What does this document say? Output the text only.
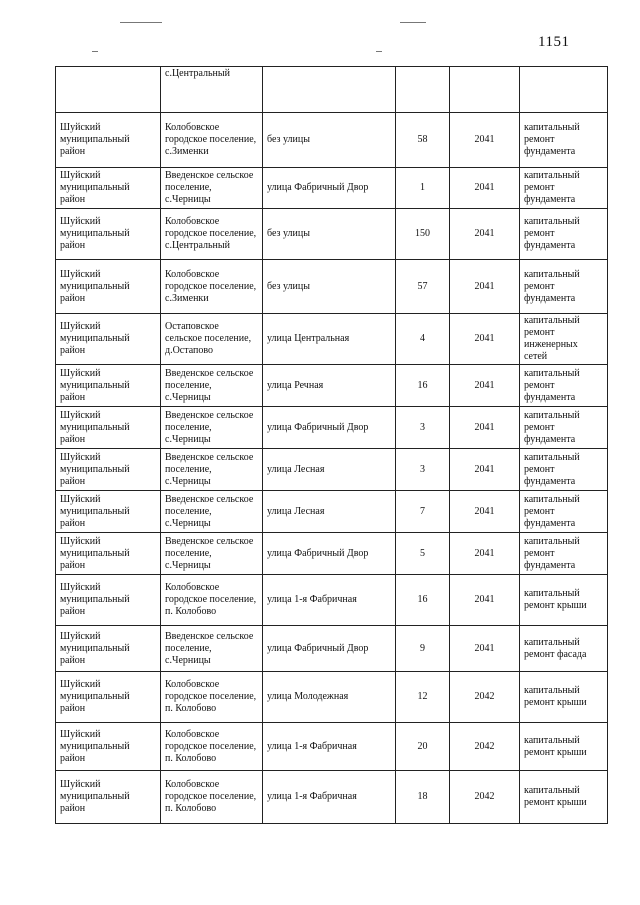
1151
	с.Центральный				
Шуйский муниципальный район	Колобовское городское поселение, с.Зименки	без улицы	58	2041	капитальный ремонт фундамента
Шуйский муниципальный район	Введенское сельское поселение, с.Черницы	улица Фабричный Двор	1	2041	капитальный ремонт фундамента
Шуйский муниципальный район	Колобовское городское поселение, с.Центральный	без улицы	150	2041	капитальный ремонт фундамента
Шуйский муниципальный район	Колобовское городское поселение, с.Зименки	без улицы	57	2041	капитальный ремонт фундамента
Шуйский муниципальный район	Остаповское сельское поселение, д.Остапово	улица Центральная	4	2041	капитальный ремонт инженерных сетей
Шуйский муниципальный район	Введенское сельское поселение, с.Черницы	улица Речная	16	2041	капитальный ремонт фундамента
Шуйский муниципальный район	Введенское сельское поселение, с.Черницы	улица Фабричный Двор	3	2041	капитальный ремонт фундамента
Шуйский муниципальный район	Введенское сельское поселение, с.Черницы	улица Лесная	3	2041	капитальный ремонт фундамента
Шуйский муниципальный район	Введенское сельское поселение, с.Черницы	улица Лесная	7	2041	капитальный ремонт фундамента
Шуйский муниципальный район	Введенское сельское поселение, с.Черницы	улица Фабричный Двор	5	2041	капитальный ремонт фундамента
Шуйский муниципальный район	Колобовское городское поселение, п. Колобово	улица 1-я Фабричная	16	2041	капитальный ремонт крыши
Шуйский муниципальный район	Введенское сельское поселение, с.Черницы	улица Фабричный Двор	9	2041	капитальный ремонт фасада
Шуйский муниципальный район	Колобовское городское поселение, п. Колобово	улица Молодежная	12	2042	капитальный ремонт крыши
Шуйский муниципальный район	Колобовское городское поселение, п. Колобово	улица 1-я Фабричная	20	2042	капитальный ремонт крыши
Шуйский муниципальный район	Колобовское городское поселение, п. Колобово	улица 1-я Фабричная	18	2042	капитальный ремонт крыши
